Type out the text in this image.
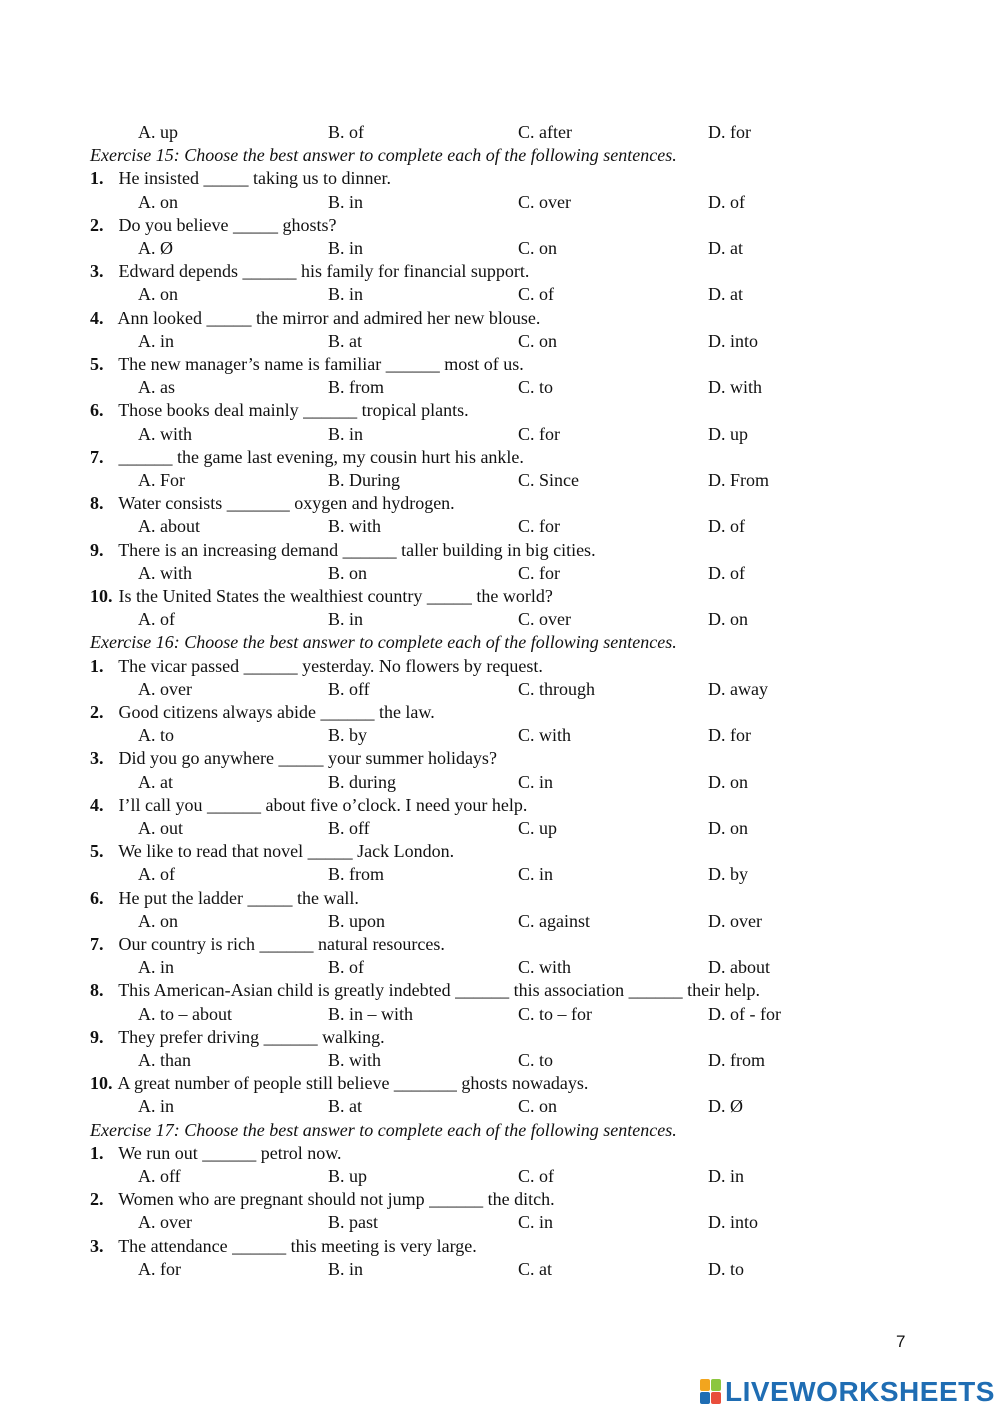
A. up	B. of	C. after	D. for
Exercise 15: Choose the best answer to complete each of the following sentences.
1. He insisted _____ taking us to dinner.
A. on	B. in	C. over	D. of
2. Do you believe _____ ghosts?
A. Ø	B. in	C. on	D. at
3. Edward depends ______ his family for financial support.
A. on	B. in	C. of	D. at
4. Ann looked _____ the mirror and admired her new blouse.
A. in	B. at	C. on	D. into
5. The new manager’s name is familiar ______ most of us.
A. as	B. from	C. to	D. with
6. Those books deal mainly ______ tropical plants.
A. with	B. in	C. for	D. up
7. ______ the game last evening, my cousin hurt his ankle.
A. For	B. During	C. Since	D. From
8. Water consists _______ oxygen and hydrogen.
A. about	B. with	C. for	D. of
9. There is an increasing demand ______ taller building in big cities.
A. with	B. on	C. for	D. of
10. Is the United States the wealthiest country _____ the world?
A. of	B. in	C. over	D. on
Exercise 16: Choose the best answer to complete each of the following sentences.
1. The vicar passed ______ yesterday. No flowers by request.
A. over	B. off	C. through	D. away
2. Good citizens always abide ______ the law.
A. to	B. by	C. with	D. for
3. Did you go anywhere _____ your summer holidays?
A. at	B. during	C. in	D. on
4. I’ll call you ______ about five o’clock. I need your help.
A. out	B. off	C. up	D. on
5. We like to read that novel _____ Jack London.
A. of	B. from	C. in	D. by
6. He put the ladder _____ the wall.
A. on	B. upon	C. against	D. over
7. Our country is rich ______ natural resources.
A. in	B. of	C. with	D. about
8. This American-Asian child is greatly indebted ______ this association ______ their help.
A. to – about	B. in – with	C. to – for	D. of - for
9. They prefer driving ______ walking.
A. than	B. with	C. to	D. from
10. A great number of people still believe _______ ghosts nowadays.
A. in	B. at	C. on	D. Ø
Exercise 17: Choose the best answer to complete each of the following sentences.
1. We run out ______ petrol now.
A. off	B. up	C. of	D. in
2. Women who are pregnant should not jump ______ the ditch.
A. over	B. past	C. in	D. into
3. The attendance ______ this meeting is very large.
A. for	B. in	C. at	D. to
7
LIVEWORKSHEETS
